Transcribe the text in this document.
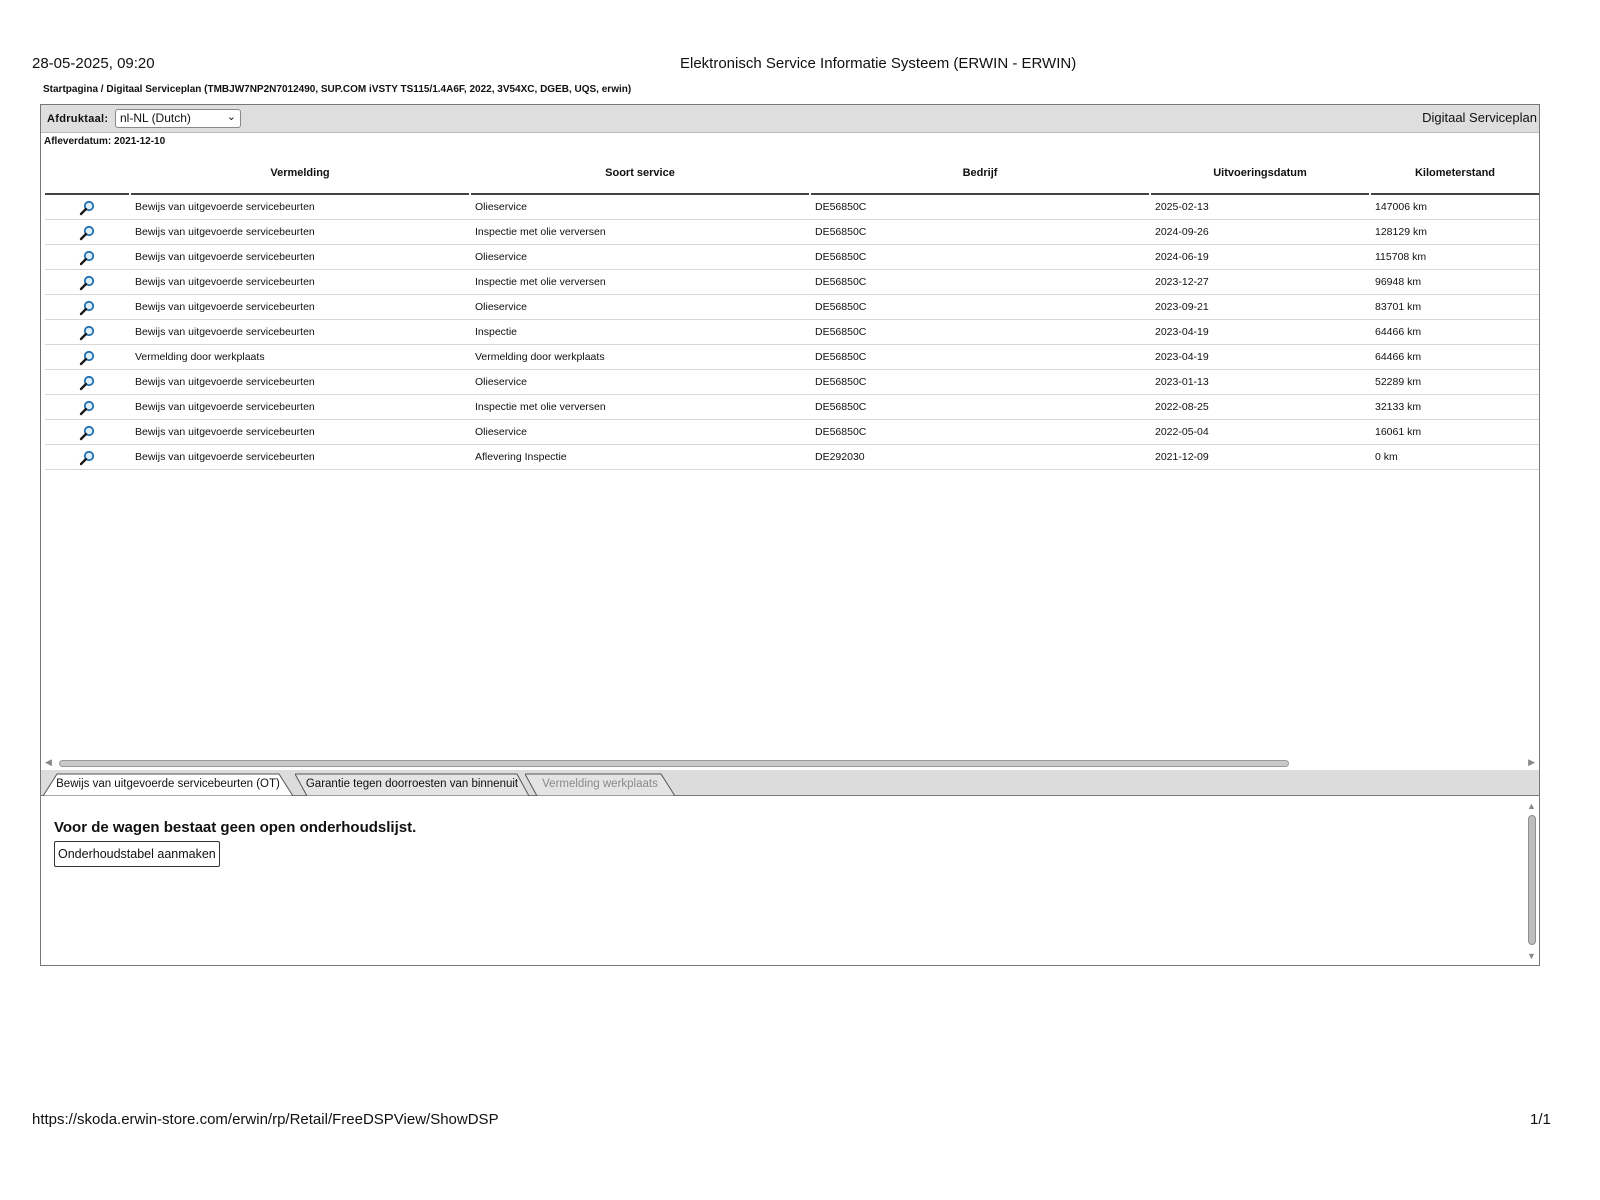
28-05-2025, 09:20	Elektronisch Service Informatie Systeem (ERWIN - ERWIN)
Startpagina / Digitaal Serviceplan (TMBJW7NP2N7012490, SUP.COM iVSTY TS115/1.4A6F, 2022, 3V54XC, DGEB, UQS, erwin)
Afdruktaal: nl-NL (Dutch)	⌄	Digitaal Serviceplan
Afleverdatum: 2021-12-10
Vermelding	Soort service	Bedrijf	Uitvoeringsdatum	Kilometerstand
Bewijs van uitgevoerde servicebeurten	Olieservice	DE56850C	2025-02-13	147006 km
Bewijs van uitgevoerde servicebeurten	Inspectie met olie verversen	DE56850C	2024-09-26	128129 km
Bewijs van uitgevoerde servicebeurten	Olieservice	DE56850C	2024-06-19	115708 km
Bewijs van uitgevoerde servicebeurten	Inspectie met olie verversen	DE56850C	2023-12-27	96948 km
Bewijs van uitgevoerde servicebeurten	Olieservice	DE56850C	2023-09-21	83701 km
Bewijs van uitgevoerde servicebeurten	Inspectie	DE56850C	2023-04-19	64466 km
Vermelding door werkplaats	Vermelding door werkplaats	DE56850C	2023-04-19	64466 km
Bewijs van uitgevoerde servicebeurten	Olieservice	DE56850C	2023-01-13	52289 km
Bewijs van uitgevoerde servicebeurten	Inspectie met olie verversen	DE56850C	2022-08-25	32133 km
Bewijs van uitgevoerde servicebeurten	Olieservice	DE56850C	2022-05-04	16061 km
Bewijs van uitgevoerde servicebeurten	Aflevering Inspectie	DE292030	2021-12-09	0 km
◀	▶
Bewijs van uitgevoerde servicebeurten (OT)	Garantie tegen doorroesten van binnenuit	Vermelding werkplaats
Voor de wagen bestaat geen open onderhoudslijst.
Onderhoudstabel aanmaken
▲
▼
https://skoda.erwin-store.com/erwin/rp/Retail/FreeDSPView/ShowDSP	1/1
